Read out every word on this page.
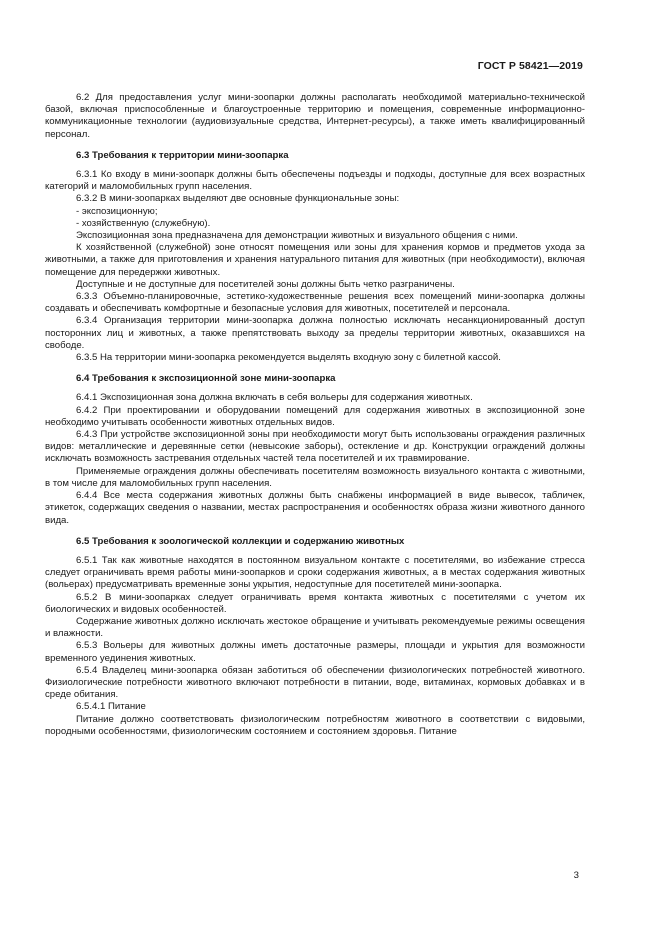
ГОСТ Р 58421—2019

6.2 Для предоставления услуг мини-зоопарки должны располагать необходимой материально-технической базой, включая приспособленные и благоустроенные территорию и помещения, современные информационно-коммуникационные технологии (аудиовизуальные средства, Интернет-ресурсы), а также иметь квалифицированный персонал.

6.3 Требования к территории мини-зоопарка

6.3.1 Ко входу в мини-зоопарк должны быть обеспечены подъезды и подходы, доступные для всех возрастных категорий и маломобильных групп населения.

6.3.2 В мини-зоопарках выделяют две основные функциональные зоны:

- экспозиционную;

- хозяйственную (служебную).

Экспозиционная зона предназначена для демонстрации животных и визуального общения с ними.

К хозяйственной (служебной) зоне относят помещения или зоны для хранения кормов и предметов ухода за животными, а также для приготовления и хранения натурального питания для животных (при необходимости), включая помещение для передержки животных.

Доступные и не доступные для посетителей зоны должны быть четко разграничены.

6.3.3 Объемно-планировочные, эстетико-художественные решения всех помещений мини-зоопарка должны создавать и обеспечивать комфортные и безопасные условия для животных, посетителей и персонала.

6.3.4 Организация территории мини-зоопарка должна полностью исключать несанкционированный доступ посторонних лиц и животных, а также препятствовать выходу за пределы территории животных, оказавшихся на свободе.

6.3.5 На территории мини-зоопарка рекомендуется выделять входную зону с билетной кассой.

6.4 Требования к экспозиционной зоне мини-зоопарка

6.4.1 Экспозиционная зона должна включать в себя вольеры для содержания животных.

6.4.2 При проектировании и оборудовании помещений для содержания животных в экспозиционной зоне необходимо учитывать особенности животных отдельных видов.

6.4.3 При устройстве экспозиционной зоны при необходимости могут быть использованы ограждения различных видов: металлические и деревянные сетки (невысокие заборы), остекление и др. Конструкции ограждений должны исключать возможность застревания отдельных частей тела посетителей и их травмирование.

Применяемые ограждения должны обеспечивать посетителям возможность визуального контакта с животными, в том числе для маломобильных групп населения.

6.4.4 Все места содержания животных должны быть снабжены информацией в виде вывесок, табличек, этикеток, содержащих сведения о названии, местах распространения и особенностях образа жизни животного данного вида.

6.5 Требования к зоологической коллекции и содержанию животных

6.5.1 Так как животные находятся в постоянном визуальном контакте с посетителями, во избежание стресса следует ограничивать время работы мини-зоопарков и сроки содержания животных, а в местах содержания животных (вольерах) предусматривать временные зоны укрытия, недоступные для посетителей мини-зоопарка.

6.5.2 В мини-зоопарках следует ограничивать время контакта животных с посетителями с учетом их биологических и видовых особенностей.

Содержание животных должно исключать жестокое обращение и учитывать рекомендуемые режимы освещения и влажности.

6.5.3 Вольеры для животных должны иметь достаточные размеры, площади и укрытия для возможности временного уединения животных.

6.5.4 Владелец мини-зоопарка обязан заботиться об обеспечении физиологических потребностей животного. Физиологические потребности животного включают потребности в питании, воде, витаминах, кормовых добавках и в среде обитания.

6.5.4.1 Питание

Питание должно соответствовать физиологическим потребностям животного в соответствии с видовыми, породными особенностями, физиологическим состоянием и состоянием здоровья. Питание

3
